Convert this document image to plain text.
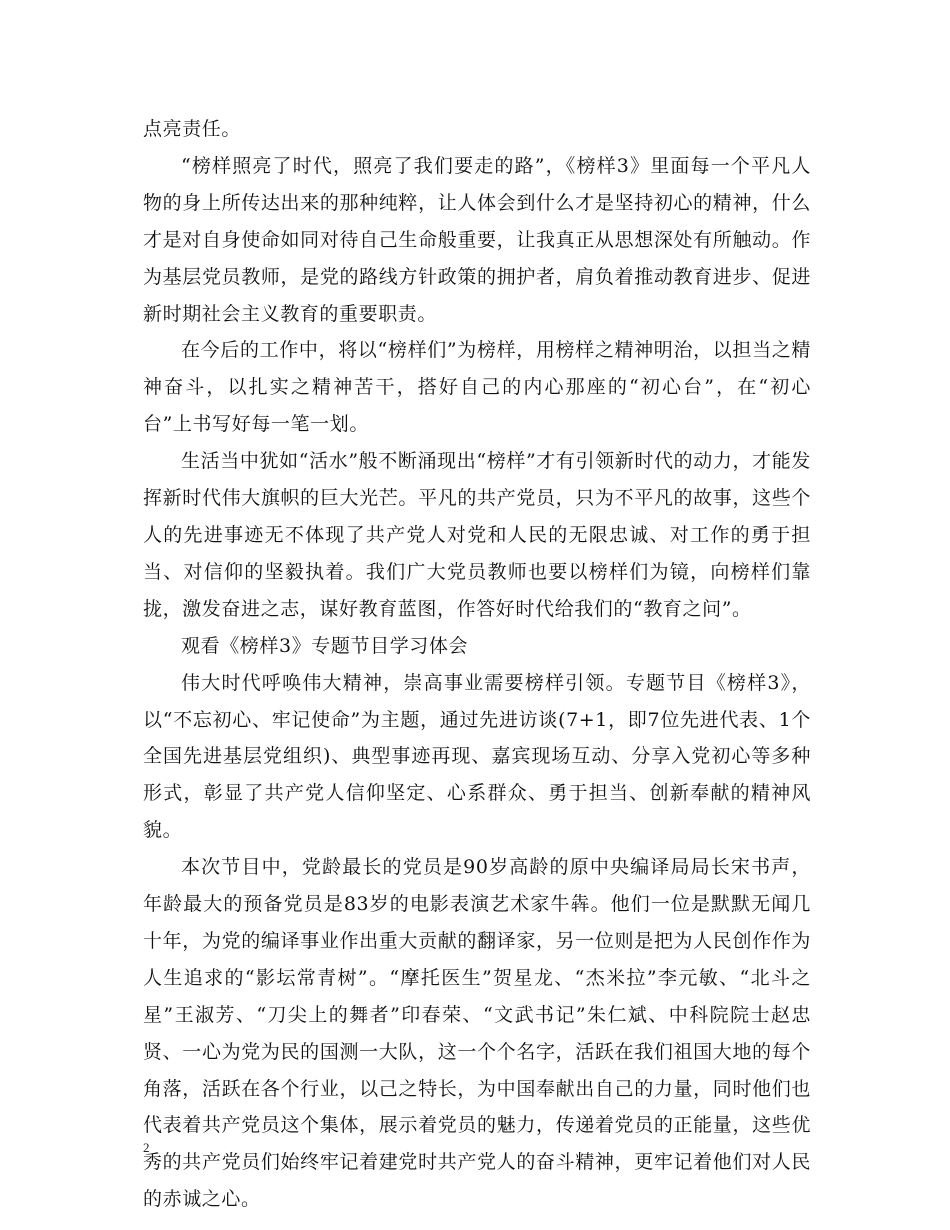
点亮责任。

“榜样照亮了时代，照亮了我们要走的路”，《榜样3》里面每一个平凡人物的身上所传达出来的那种纯粹，让人体会到什么才是坚持初心的精神，什么才是对自身使命如同对待自己生命般重要，让我真正从思想深处有所触动。作为基层党员教师，是党的路线方针政策的拥护者，肩负着推动教育进步、促进新时期社会主义教育的重要职责。

在今后的工作中，将以“榜样们”为榜样，用榜样之精神明治，以担当之精神奋斗，以扎实之精神苦干，搭好自己的内心那座的“初心台”，在“初心台”上书写好每一笔一划。

生活当中犹如“活水”般不断涌现出“榜样”才有引领新时代的动力，才能发挥新时代伟大旗帜的巨大光芒。平凡的共产党员，只为不平凡的故事，这些个人的先进事迹无不体现了共产党人对党和人民的无限忠诚、对工作的勇于担当、对信仰的坚毅执着。我们广大党员教师也要以榜样们为镜，向榜样们靠拢，激发奋进之志，谋好教育蓝图，作答好时代给我们的“教育之问”。

观看《榜样3》专题节目学习体会

伟大时代呼唤伟大精神，崇高事业需要榜样引领。专题节目《榜样3》，以“不忘初心、牢记使命”为主题，通过先进访谈(7+1，即7位先进代表、1个全国先进基层党组织)、典型事迹再现、嘉宾现场互动、分享入党初心等多种形式，彰显了共产党人信仰坚定、心系群众、勇于担当、创新奉献的精神风貌。

本次节目中，党龄最长的党员是90岁高龄的原中央编译局局长宋书声，年龄最大的预备党员是83岁的电影表演艺术家牛犇。他们一位是默默无闻几十年，为党的编译事业作出重大贡献的翻译家，另一位则是把为人民创作作为人生追求的“影坛常青树”。“摩托医生”贺星龙、“杰米拉”李元敏、“北斗之星”王淑芳、“刀尖上的舞者”印春荣、“文武书记”朱仁斌、中科院院士赵忠贤、一心为党为民的国测一大队，这一个个名字，活跃在我们祖国大地的每个角落，活跃在各个行业，以己之特长，为中国奉献出自己的力量，同时他们也代表着共产党员这个集体，展示着党员的魅力，传递着党员的正能量，这些优秀的共产党员们始终牢记着建党时共产党人的奋斗精神，更牢记着他们对人民的赤诚之心。

2
